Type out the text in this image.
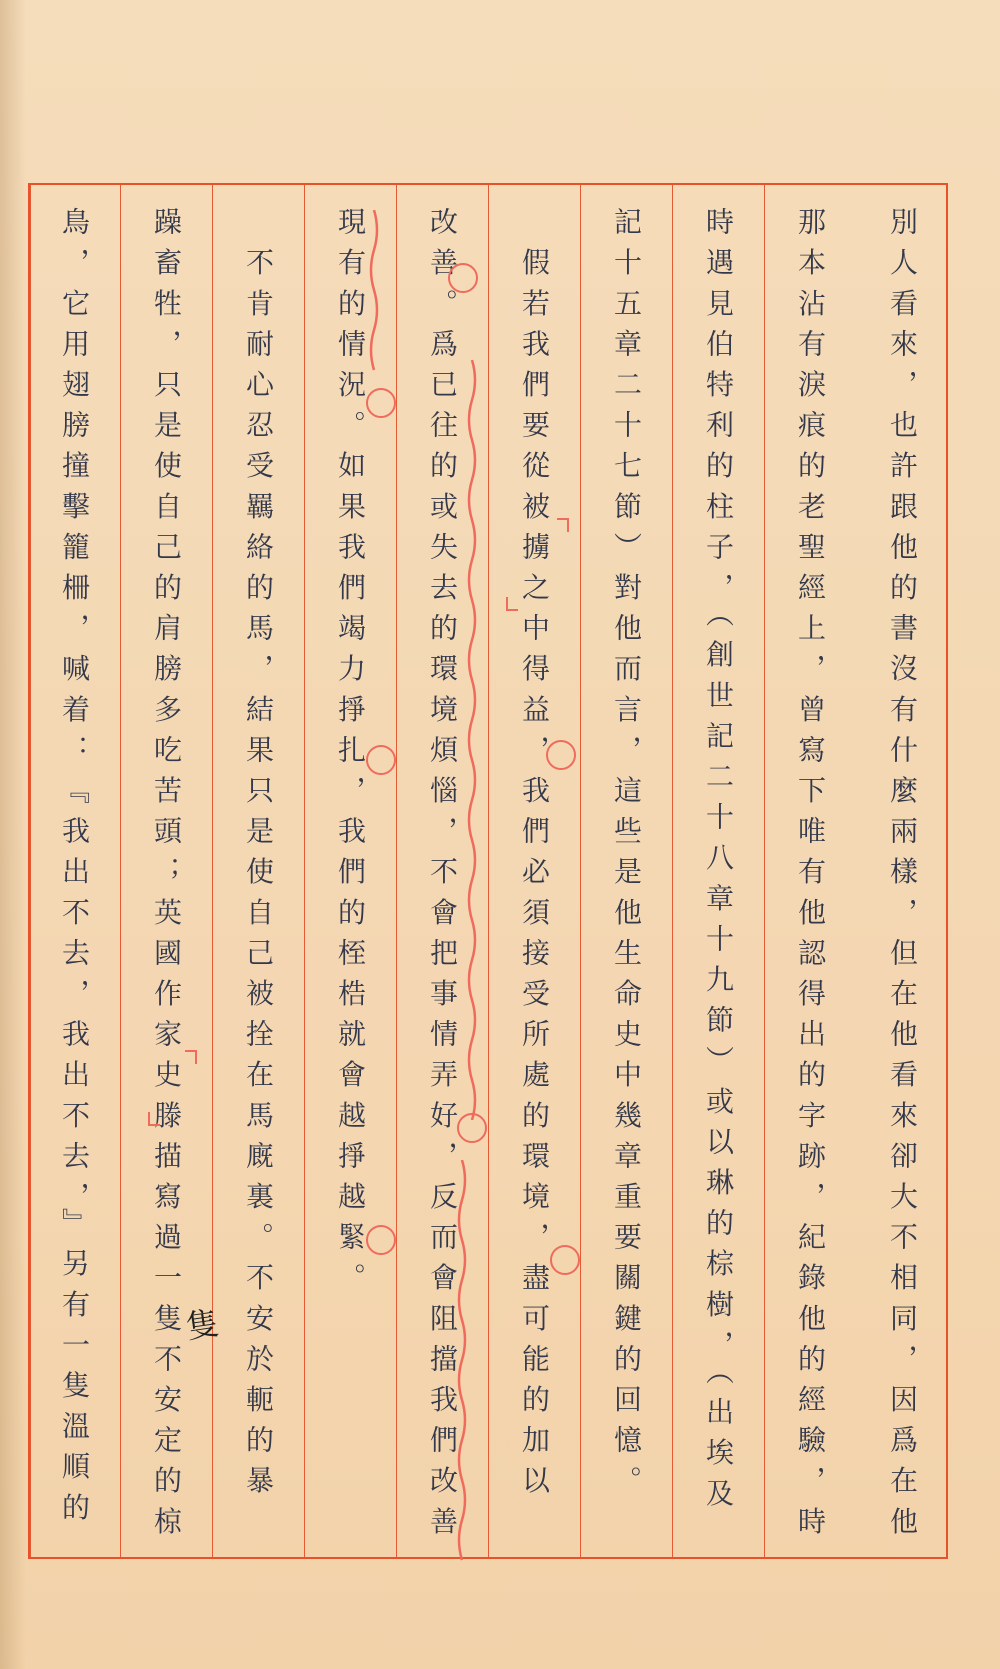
別人看來，也許跟他的書沒有什麼兩樣，但在他看來卻大不相同，因爲在他
那本沾有淚痕的老聖經上，曾寫下唯有他認得出的字跡，紀錄他的經驗，時
時遇見伯特利的柱子，（創世記二十八章十九節）或以琳的棕樹，（出埃及
記十五章二十七節）對他而言，這些是他生命史中幾章重要關鍵的回憶。
　假若我們要從被擄之中得益，我們必須接受所處的環境，盡可能的加以
改善。爲已往的或失去的環境煩惱，不會把事情弄好，反而會阻擋我們改善
現有的情況。如果我們竭力掙扎，我們的桎梏就會越掙越緊。
　不肯耐心忍受羈絡的馬，結果只是使自己被拴在馬廐裏。不安於軛的暴
躁畜牲，只是使自己的肩膀多吃苦頭；英國作家史滕描寫過一隻不安定的椋
鳥，它用翅膀撞擊籠柵，喊着：『我出不去，我出不去，』另有一隻溫順的	隻
